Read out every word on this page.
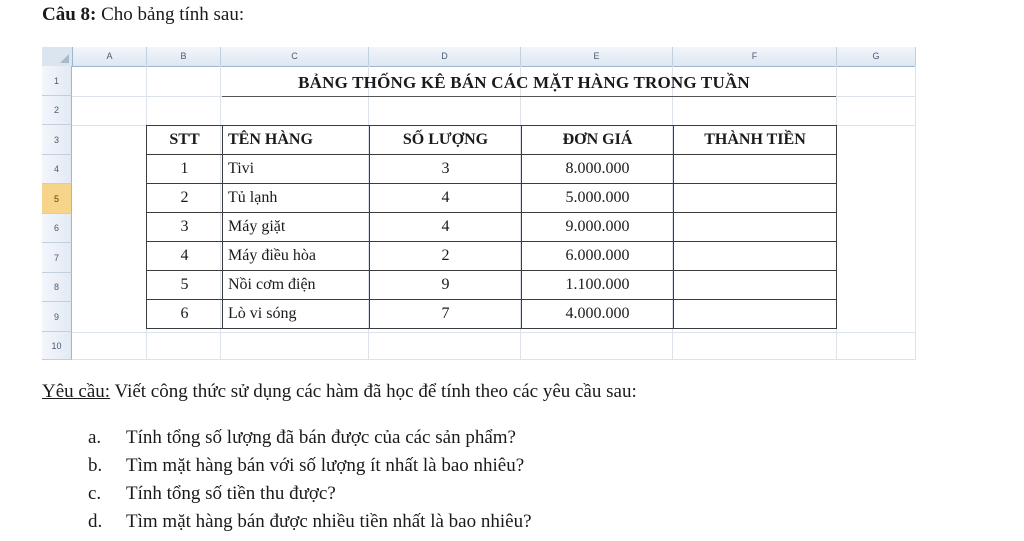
Câu 8: Cho bảng tính sau:
A	B	C	D	E	F	G
1
2
3
4
5
6
7
8
9
10
BẢNG THỐNG KÊ BÁN CÁC MẶT HÀNG TRONG TUẦN
STT	TÊN HÀNG	SỐ LƯỢNG	ĐƠN GIÁ	THÀNH TIỀN
1	Tivi	3	8.000.000	
2	Tủ lạnh	4	5.000.000	
3	Máy giặt	4	9.000.000	
4	Máy điều hòa	2	6.000.000	
5	Nồi cơm điện	9	1.100.000	
6	Lò vi sóng	7	4.000.000	
Yêu cầu: Viết công thức sử dụng các hàm đã học để tính theo các yêu cầu sau:
a. Tính tổng số lượng đã bán được của các sản phẩm?
b. Tìm mặt hàng bán với số lượng ít nhất là bao nhiêu?
c. Tính tổng số tiền thu được?
d. Tìm mặt hàng bán được nhiều tiền nhất là bao nhiêu?
